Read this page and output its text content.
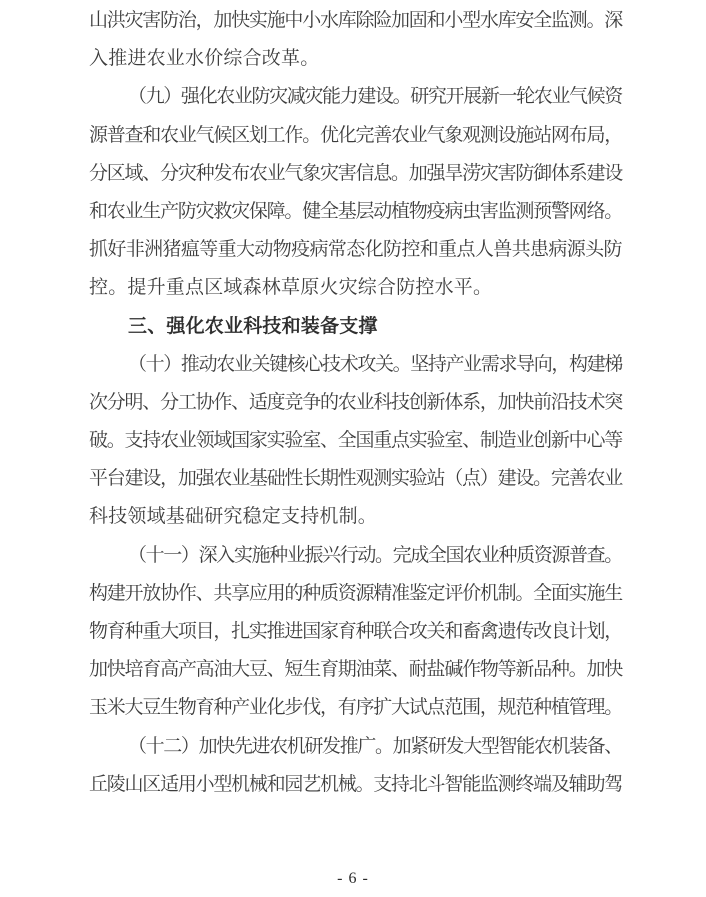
山
洪
灾
害
防
治
，
加
快
实
施
中
小
水
库
除
险
加
固
和
小
型
水
库
安
全
监
测
。
深
入推进农业水价综合改革。
（
九
）
强
化
农
业
防
灾
减
灾
能
力
建
设
。
研
究
开
展
新
一
轮
农
业
气
候
资
源
普
查
和
农
业
气
候
区
划
工
作
。
优
化
完
善
农
业
气
象
观
测
设
施
站
网
布
局
，
分
区
域
、
分
灾
种
发
布
农
业
气
象
灾
害
信
息
。
加
强
旱
涝
灾
害
防
御
体
系
建
设
和
农
业
生
产
防
灾
救
灾
保
障
。
健
全
基
层
动
植
物
疫
病
虫
害
监
测
预
警
网
络
。
抓 好 非 洲 猪 瘟 等 重 大 动 物 疫 病 常 态 化 防 控 和 重 点 人 兽 共 患 病 源 头 防
控。提升重点区域森林草原火灾综合防控水平。
三、强化农业科技和装备支撑
（
十
）
推
动
农
业
关
键
核
心
技
术
攻
关
。
坚
持
产
业
需
求
导
向
，
构
建
梯
次
分
明
、
分
工
协
作
、
适
度
竞
争
的
农
业
科
技
创
新
体
系
，
加
快
前
沿
技
术
突
破
。
支
持
农
业
领
域
国
家
实
验
室
、
全
国
重
点
实
验
室
、
制
造
业
创
新
中
心
等
平
台
建
设
，
加
强
农
业
基
础
性
长
期
性
观
测
实
验
站
（
点
）
建
设
。
完
善
农
业
科技领域基础研究稳定支持机制。
（
十
一
）
深
入
实
施
种
业
振
兴
行
动
。
完
成
全
国
农
业
种
质
资
源
普
查
。
构
建
开
放
协
作
、
共
享
应
用
的
种
质
资
源
精
准
鉴
定
评
价
机
制
。
全
面
实
施
生
物
育
种
重
大
项
目
，
扎
实
推
进
国
家
育
种
联
合
攻
关
和
畜
禽
遗
传
改
良
计
划
，
加
快
培
育
高
产
高
油
大
豆
、
短
生
育
期
油
菜
、
耐
盐
碱
作
物
等
新
品
种
。
加
快
玉
米
大
豆
生
物
育
种
产
业
化
步
伐
，
有
序
扩
大
试
点
范
围
，
规
范
种
植
管
理
。
（
十
二
）
加
快
先
进
农
机
研
发
推
广
。
加
紧
研
发
大
型
智
能
农
机
装
备
、
丘
陵
山
区
适
用
小
型
机
械
和
园
艺
机
械
。
支
持
北
斗
智
能
监
测
终
端
及
辅
助
驾
- 6 -
